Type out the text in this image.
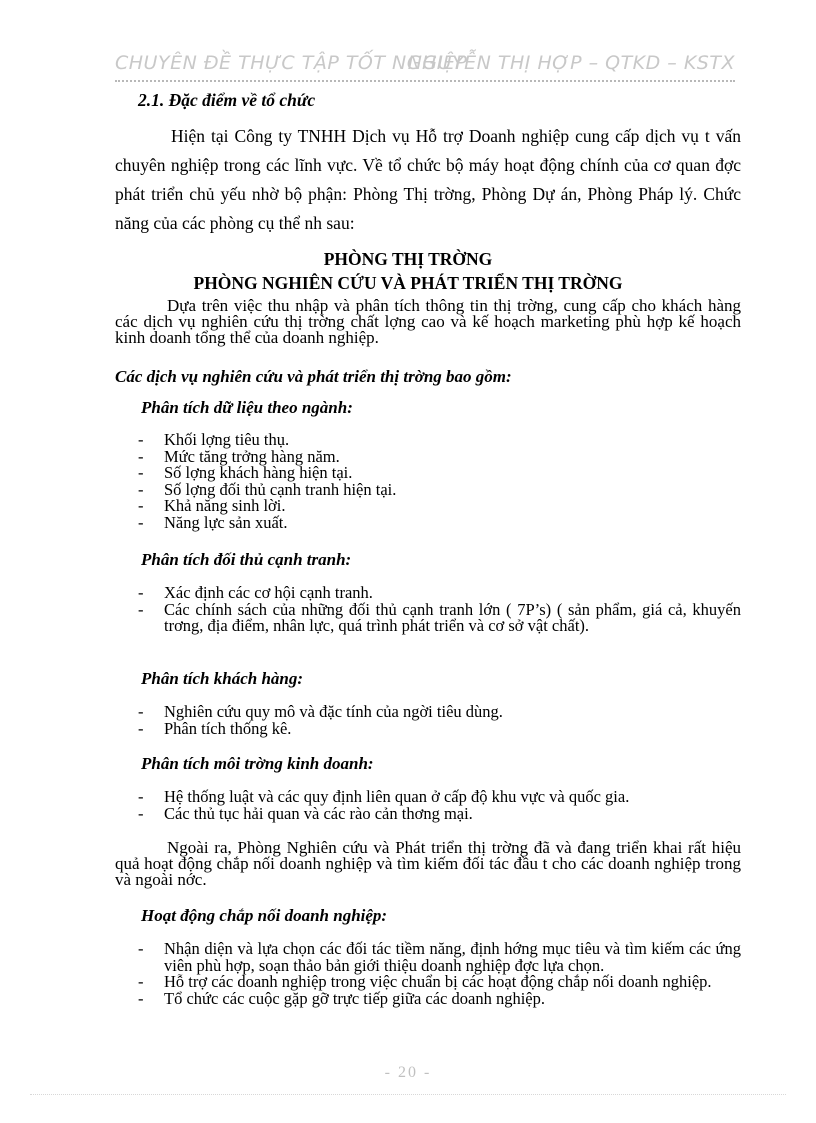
CHUYÊN ĐỀ THỰC TẬP TỐT NGHIỆP
NGUYỄN THỊ HỢP – QTKD – KSTX
2.1. Đặc điểm về tổ chức

Hiện tại Công ty TNHH Dịch vụ Hỗ trợ Doanh nghiệp cung cấp dịch vụ t vấn chuyên nghiệp trong các lĩnh vực. Về tổ chức bộ máy hoạt động chính của cơ quan đợc phát triển chủ yếu nhờ bộ phận: Phòng Thị trờng, Phòng Dự án, Phòng Pháp lý. Chức năng của các phòng cụ thể nh sau:

PHÒNG THỊ TRỜNG
PHÒNG NGHIÊN CỨU VÀ PHÁT TRIỂN THỊ TRỜNG

Dựa trên việc thu nhập và phân tích thông tin thị trờng, cung cấp cho khách hàng các dịch vụ nghiên cứu thị trờng chất lợng cao và kế hoạch marketing phù hợp kế hoạch kinh doanh tổng thể của doanh nghiệp.

Các dịch vụ nghiên cứu và phát triển thị trờng bao gồm:
Phân tích dữ liệu theo ngành:
- Khối lợng tiêu thụ.
- Mức tăng trởng hàng năm.
- Số lợng khách hàng hiện tại.
- Số lợng đối thủ cạnh tranh hiện tại.
- Khả năng sinh lời.
- Năng lực sản xuất.
Phân tích đối thủ cạnh tranh:
- Xác định các cơ hội cạnh tranh.
- Các chính sách của những đối thủ cạnh tranh lớn ( 7P’s) ( sản phẩm, giá cả, khuyến trơng, địa điểm, nhân lực, quá trình phát triển và cơ sở vật chất).
Phân tích khách hàng:
- Nghiên cứu quy mô và đặc tính của ngời tiêu dùng.
- Phân tích thống kê.
Phân tích môi trờng kinh doanh:
- Hệ thống luật và các quy định liên quan ở cấp độ khu vực và quốc gia.
- Các thủ tục hải quan và các rào cản thơng mại.

Ngoài ra, Phòng Nghiên cứu và Phát triển thị trờng đã và đang triển khai rất hiệu quả hoạt động chắp nối doanh nghiệp và tìm kiếm đối tác đầu t cho các doanh nghiệp trong và ngoài nớc.

Hoạt động chắp nối doanh nghiệp:
- Nhận diện và lựa chọn các đối tác tiềm năng, định hớng mục tiêu và tìm kiếm các ứng viên phù hợp, soạn thảo bản giới thiệu doanh nghiệp đợc lựa chọn.
- Hỗ trợ các doanh nghiệp trong việc chuẩn bị các hoạt động chắp nối doanh nghiệp.
- Tổ chức các cuộc gặp gỡ trực tiếp giữa các doanh nghiệp.
- 20 -
